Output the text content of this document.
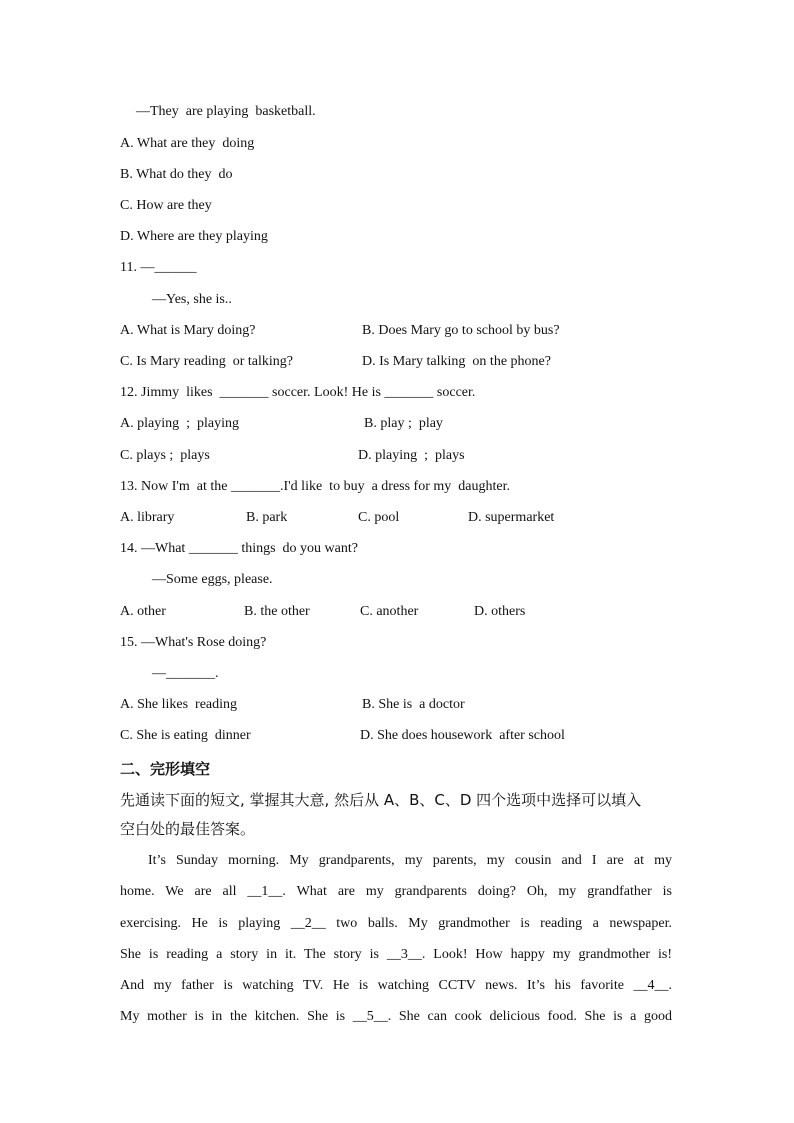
—They  are playing  basketball.
A. What are they  doing
B. What do they  do
C. How are they
D. Where are they playing
11. —______
—Yes, she is..
A. What is Mary doing?	B. Does Mary go to school by bus?
C. Is Mary reading  or talking?	D. Is Mary talking  on the phone?
12. Jimmy  likes  _______ soccer. Look! He is _______ soccer.
A. playing  ;  playing	B. play ;  play
C. plays ;  plays	D. playing  ;  plays
13. Now I'm  at the _______.I'd like  to buy  a dress for my  daughter.
A. library	B. park	C. pool	D. supermarket
14. —What _______ things  do you want?
—Some eggs, please.
A. other	B. the other	C. another	D. others
15. —What's Rose doing?
—_______.
A. She likes  reading	B. She is  a doctor
C. She is eating  dinner	D. She does housework  after school
二、完形填空
先通读下面的短文, 掌握其大意, 然后从 A、B、C、D 四个选项中选择可以填入
空白处的最佳答案。
It’s Sunday morning. My grandparents, my parents, my cousin and I are at my
home. We are all __1__. What are my grandparents doing? Oh, my grandfather is
exercising. He is playing __2__ two balls. My grandmother is reading a newspaper.
She is reading a story in it. The story is __3__. Look! How happy my grandmother is!
And my father is watching TV. He is watching CCTV news. It’s his favorite __4__.
My mother is in the kitchen. She is __5__. She can cook delicious food. She is a good
